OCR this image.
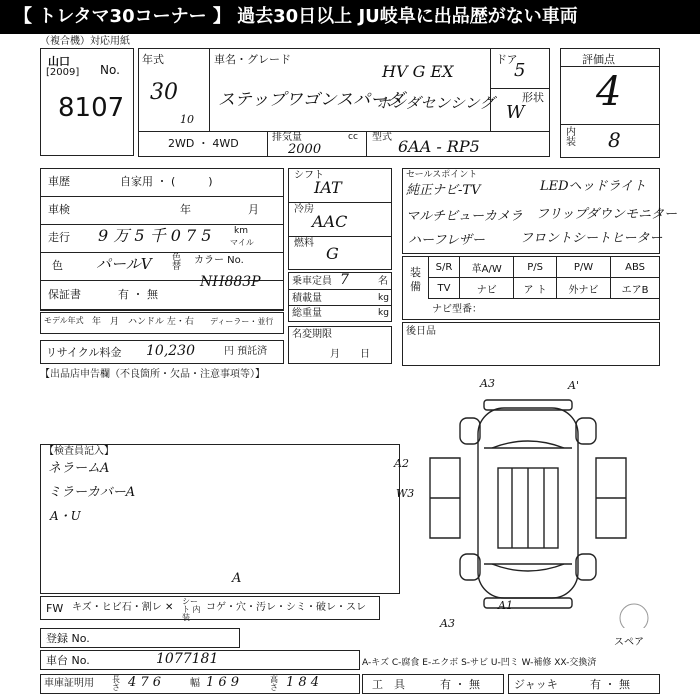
【 トレタマ30コーナー 】 過去30日以上 JU岐阜に出品歴がない車両
（複合機）対応用紙
山口
[2009] No.
8107
年式
30
10
車名・グレード
HV G EX
ステップワゴンスパーダ
ホンダセンシング
ドア
5
形状
W
評価点
4
内装 8
2WD ・ 4WD	排気量	cc
2000
型式 6AA - RP5
車歴	自家用 ・ (　　　)
車検	年	月
走行 9 万 5 千 0 7 5	km
マイル
色 パールV 色替
カラー No.
NH883P
保証書	有 ・ 無
モデル年式 年　月　ハンドル 左・右 ディーラー・並行
リサイクル料金 10,230	円 預託済
シフト
IAT
冷房
AAC
燃料
G
乗車定員 7	名
積載量	kg
総重量	kg
名変期限
月　　日
セールスポイント
純正ナビ-TV	LEDヘッドライト
マルチビューカメラ フリップダウンモニター
ハーフレザー	フロントシートヒーター
装備
S/R	革A/W	P/S	P/W	ABS
TV	ナビ	ア ト	外ナビ	エアB
ナビ型番：
後日品
【出品店申告欄（不良箇所・欠品・注意事項等）】
【検査員記入】
ネラームA
ミラーカバーA
A・U
A3	A'
A2
W3
A3
A1
スペア
FW キズ・ヒビ石・割レ ✕
シート 内装
コゲ・穴・汚レ・シミ・破レ・スレ
A
登録 No.
車台 No.	1077181
車庫証明用 長さ 4 7 6	幅 1 6 9	高さ 1 8 4
A-キズ C-腐食 E-エクボ S-サビ U-凹ミ W-補修 XX-交換済
工　具	有 ・ 無	ジャッキ	有 ・ 無
